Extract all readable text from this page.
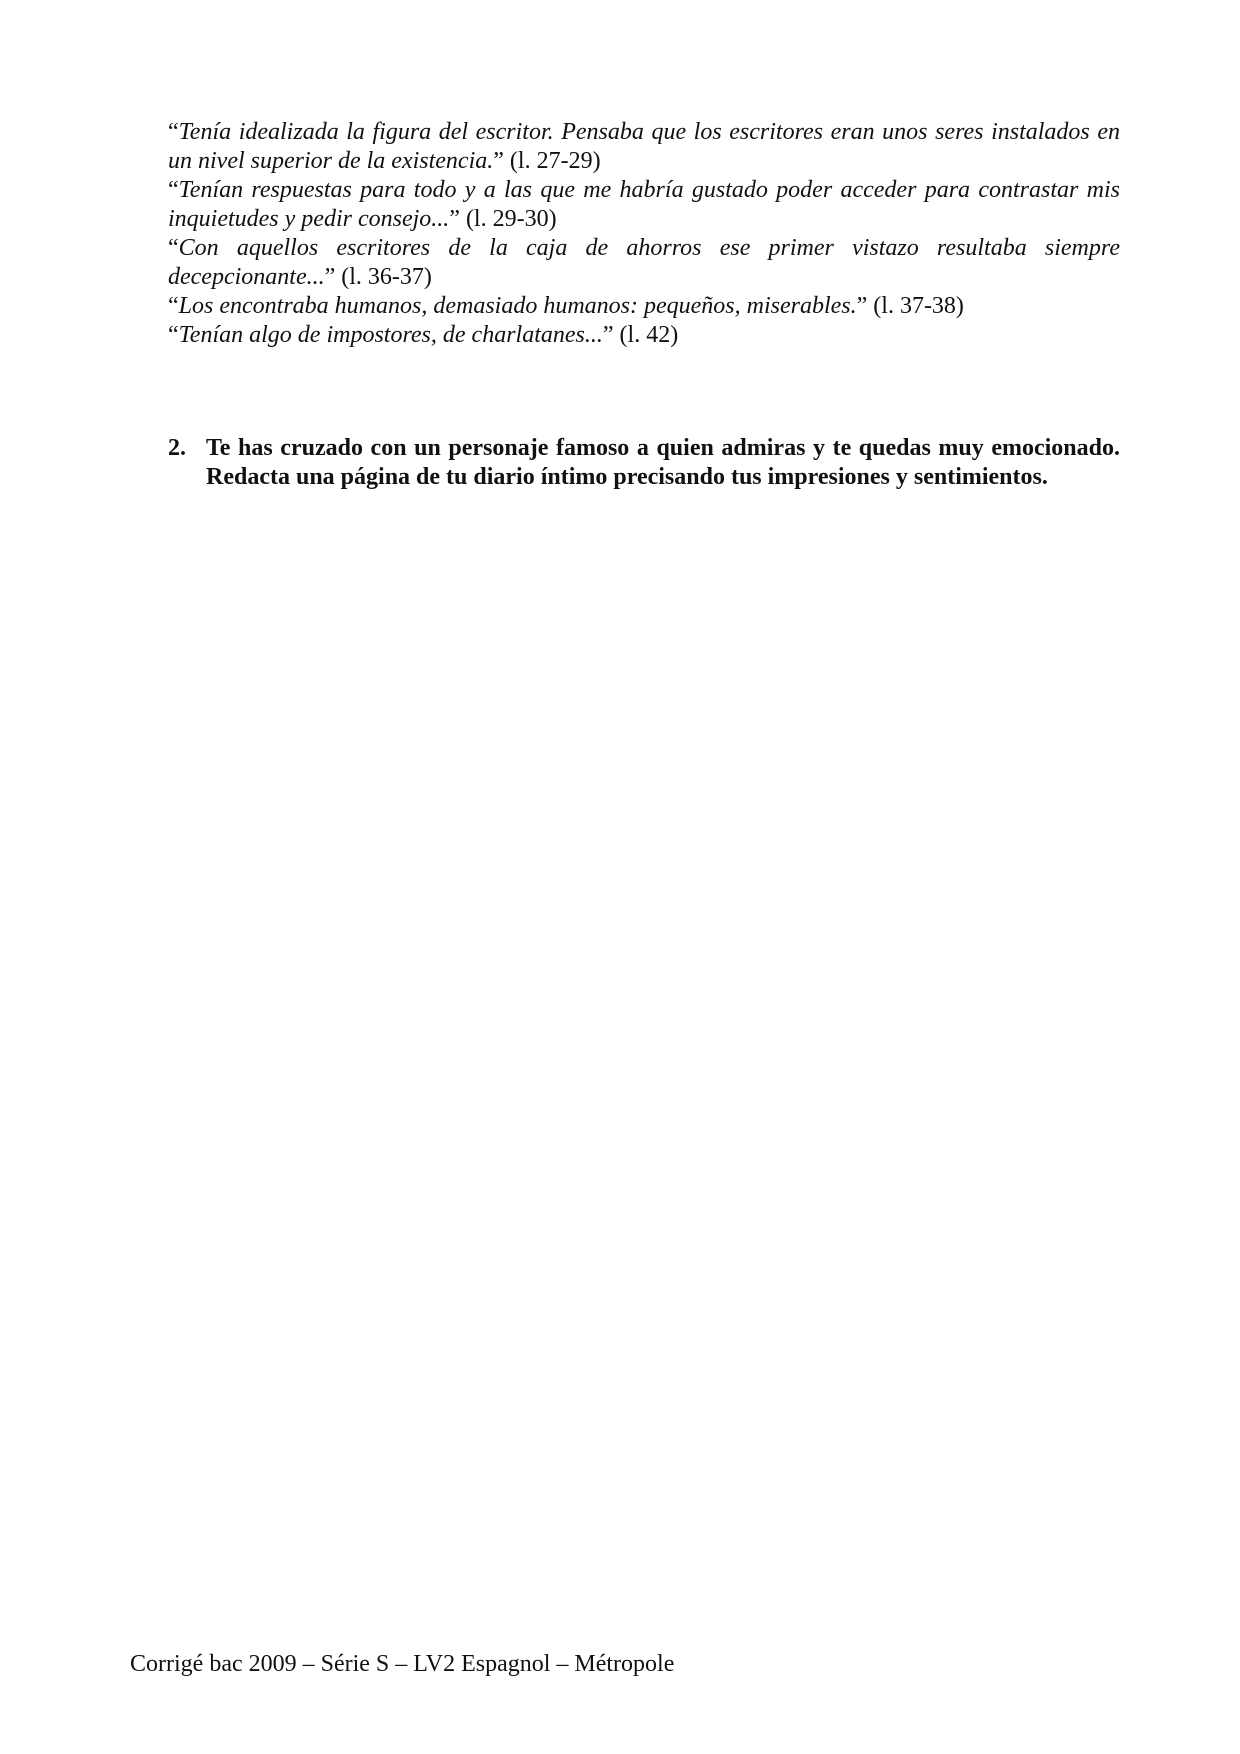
“Tenía idealizada la figura del escritor. Pensaba que los escritores eran unos seres instalados en un nivel superior de la existencia.” (l. 27-29)

“Tenían respuestas para todo y a las que me habría gustado poder acceder para contrastar mis inquietudes y pedir consejo...” (l. 29-30)

“Con aquellos escritores de la caja de ahorros ese primer vistazo resultaba siempre decepcionante...” (l. 36-37)

“Los encontraba humanos, demasiado humanos: pequeños, miserables.” (l. 37-38)

“Tenían algo de impostores, de charlatanes...” (l. 42)

2. Te has cruzado con un personaje famoso a quien admiras y te quedas muy emocionado. Redacta una página de tu diario íntimo precisando tus impresiones y sentimientos.
Corrigé bac 2009 – Série S – LV2 Espagnol – Métropole
